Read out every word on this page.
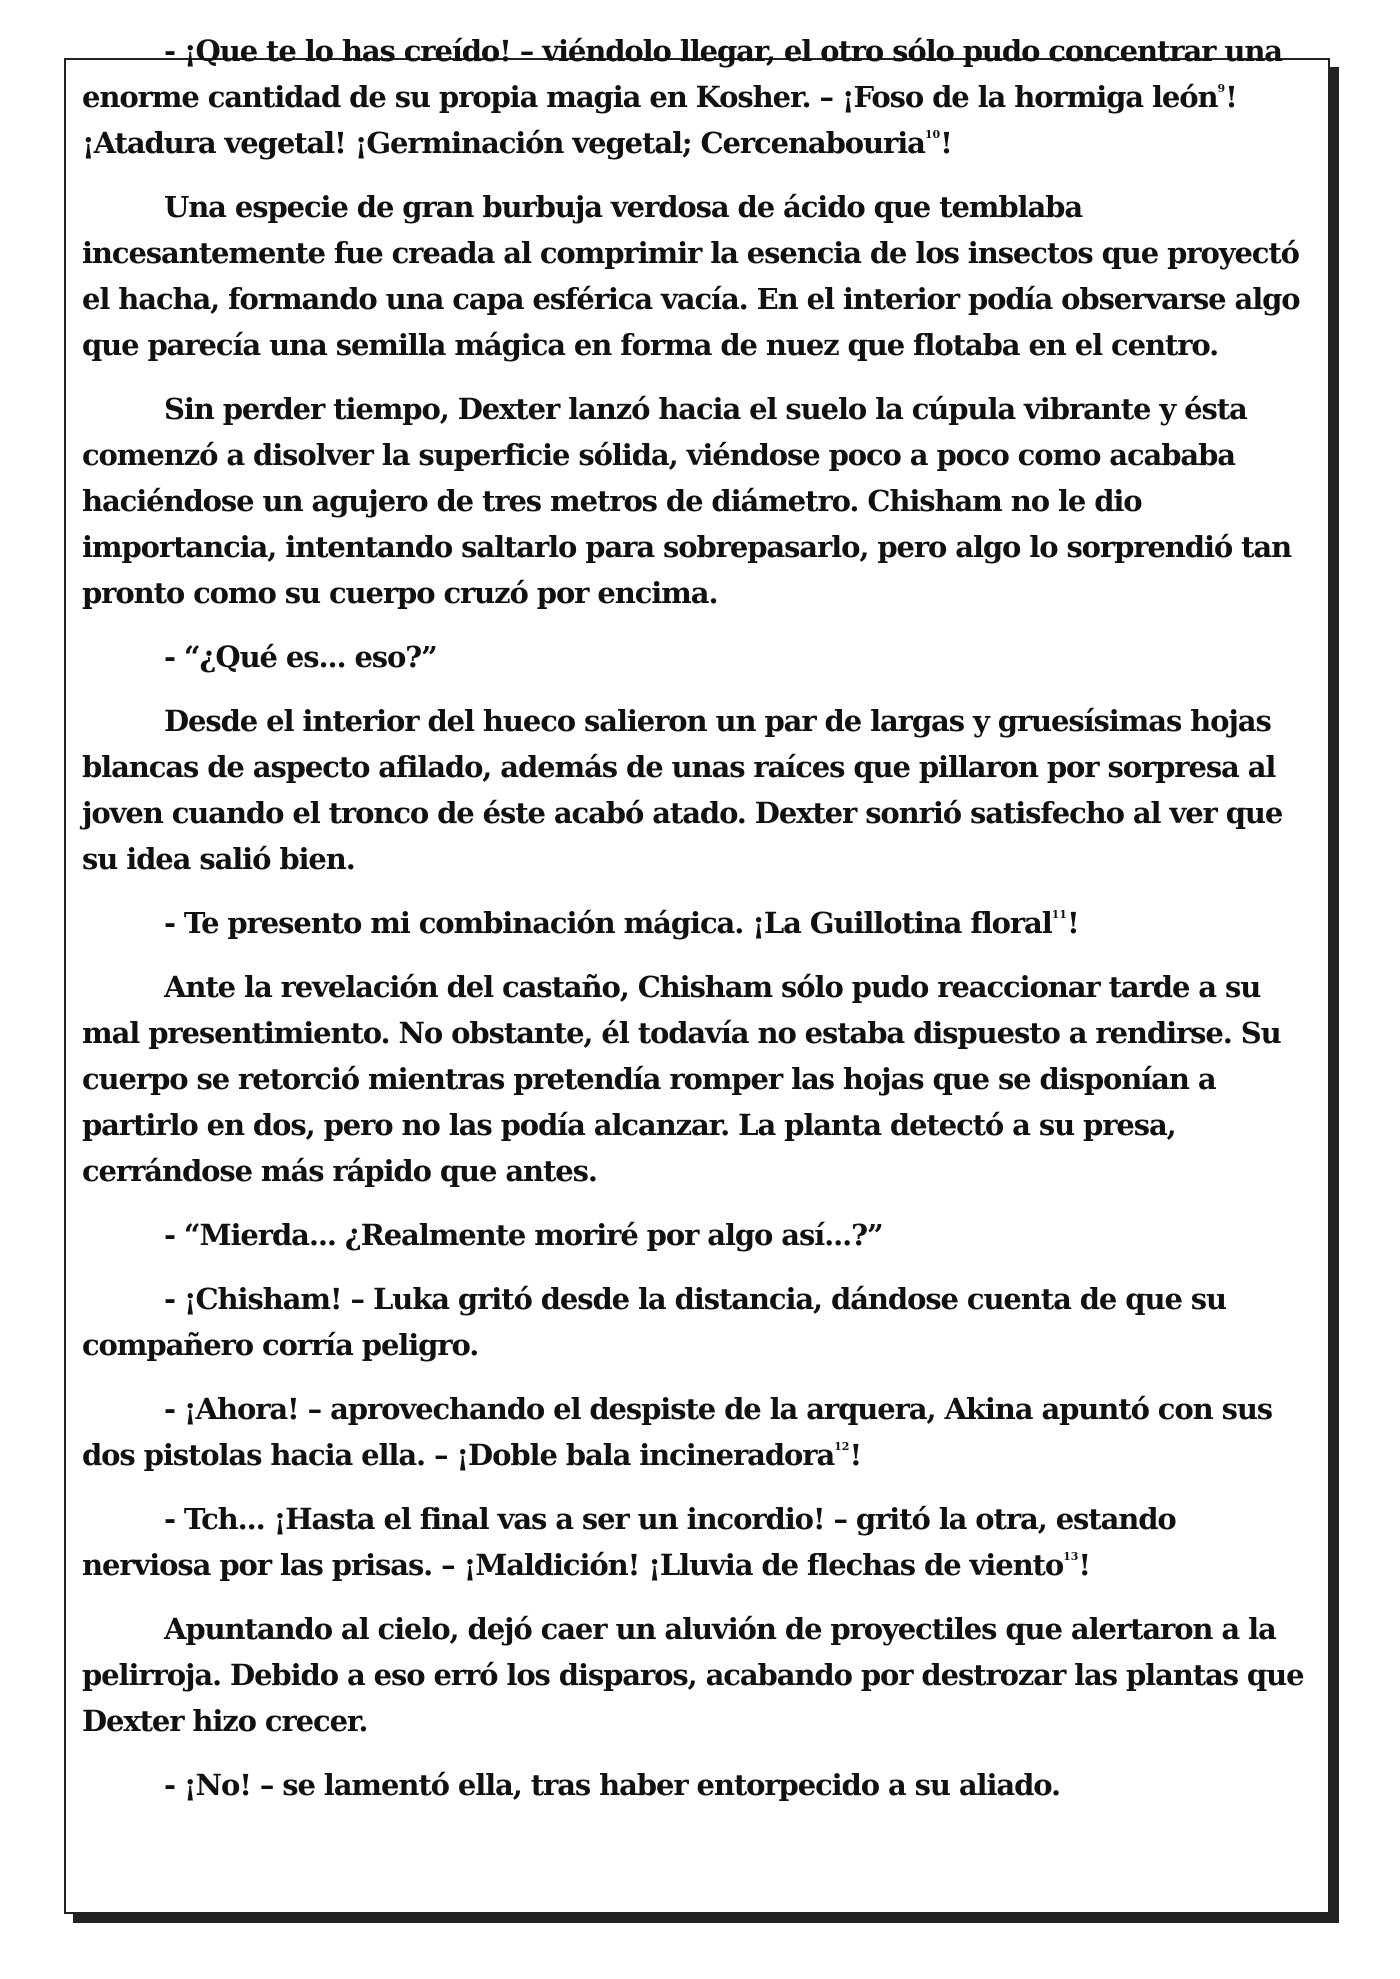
- ¡Que te lo has creído! – viéndolo llegar, el otro sólo pudo concentrar una enorme cantidad de su propia magia en Kosher. – ¡Foso de la hormiga león$^9$! ¡Atadura vegetal! ¡Germinación vegetal; Cercenabouria$^{10}$!

Una especie de gran burbuja verdosa de ácido que temblaba incesantemente fue creada al comprimir la esencia de los insectos que proyectó el hacha, formando una capa esférica vacía. En el interior podía observarse algo que parecía una semilla mágica en forma de nuez que flotaba en el centro.

Sin perder tiempo, Dexter lanzó hacia el suelo la cúpula vibrante y ésta comenzó a disolver la superficie sólida, viéndose poco a poco como acababa haciéndose un agujero de tres metros de diámetro. Chisham no le dio importancia, intentando saltarlo para sobrepasarlo, pero algo lo sorprendió tan pronto como su cuerpo cruzó por encima.

- “¿Qué es... eso?”

Desde el interior del hueco salieron un par de largas y gruesísimas hojas blancas de aspecto afilado, además de unas raíces que pillaron por sorpresa al joven cuando el tronco de éste acabó atado. Dexter sonrió satisfecho al ver que su idea salió bien.

- Te presento mi combinación mágica. ¡La Guillotina floral$^{11}$!

Ante la revelación del castaño, Chisham sólo pudo reaccionar tarde a su mal presentimiento. No obstante, él todavía no estaba dispuesto a rendirse. Su cuerpo se retorció mientras pretendía romper las hojas que se disponían a partirlo en dos, pero no las podía alcanzar. La planta detectó a su presa, cerrándose más rápido que antes.

- “Mierda... ¿Realmente moriré por algo así...?”

- ¡Chisham! – Luka gritó desde la distancia, dándose cuenta de que su compañero corría peligro.

- ¡Ahora! – aprovechando el despiste de la arquera, Akina apuntó con sus dos pistolas hacia ella. – ¡Doble bala incineradora$^{12}$!

- Tch... ¡Hasta el final vas a ser un incordio! – gritó la otra, estando nerviosa por las prisas. – ¡Maldición! ¡Lluvia de flechas de viento$^{13}$!

Apuntando al cielo, dejó caer un aluvión de proyectiles que alertaron a la pelirroja. Debido a eso erró los disparos, acabando por destrozar las plantas que Dexter hizo crecer.

- ¡No! – se lamentó ella, tras haber entorpecido a su aliado.
